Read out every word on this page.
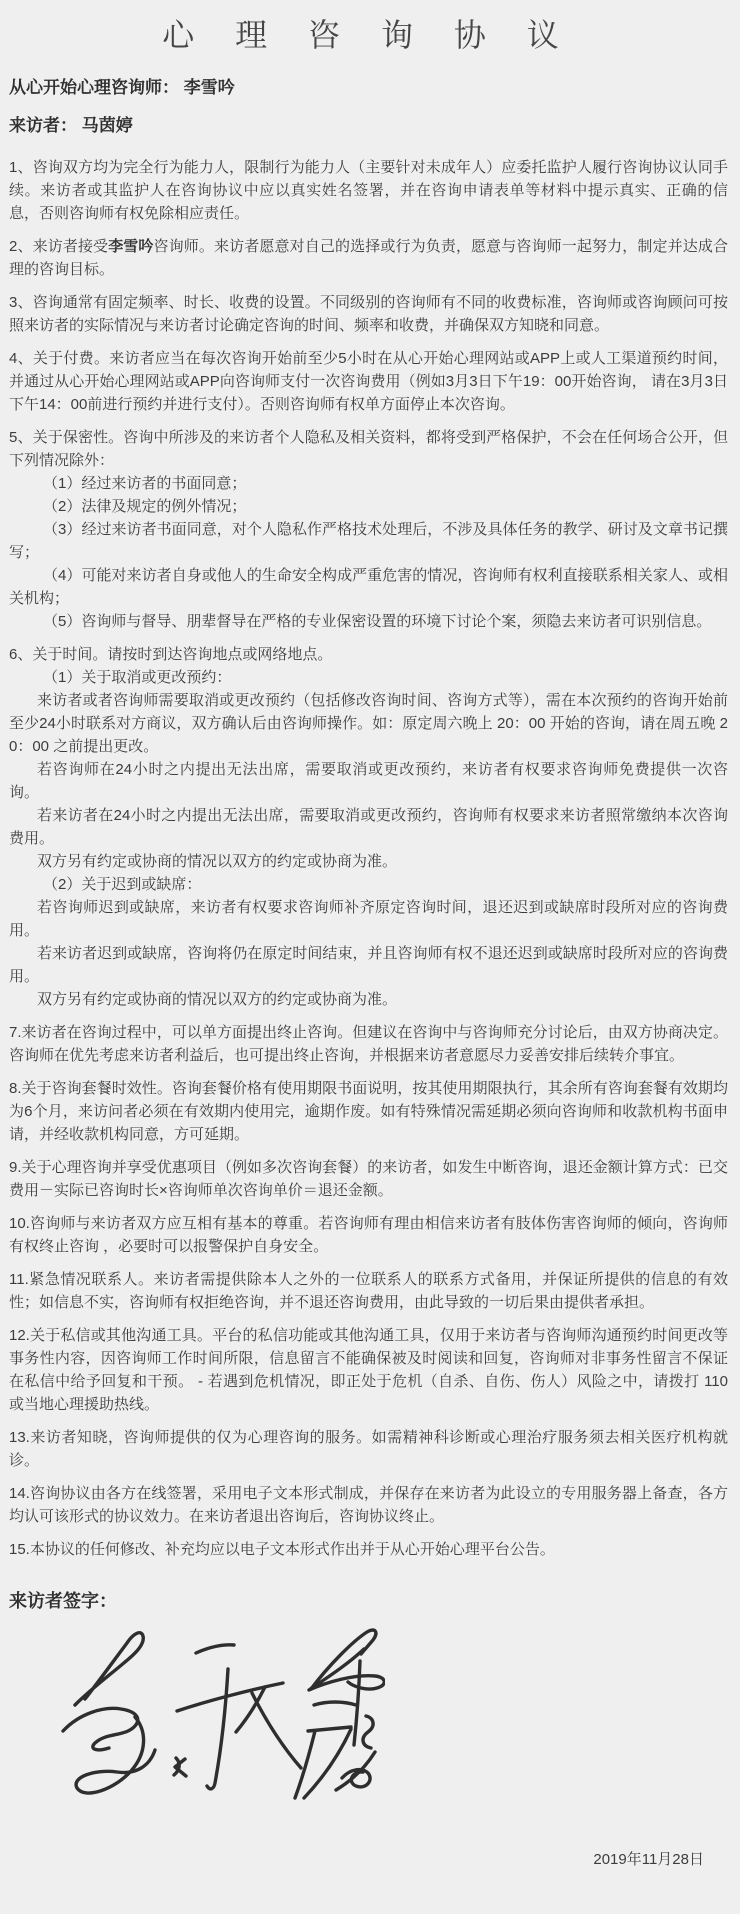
心 理 咨 询 协 议

从心开始心理咨询师： 李雪吟

来访者： 马茵婷

1、咨询双方均为完全行为能力人，限制行为能力人（主要针对未成年人）应委托监护人履行咨询协议认同手续。来访者或其监护人在咨询协议中应以真实姓名签署，并在咨询申请表单等材料中提示真实、正确的信息，否则咨询师有权免除相应责任。

2、来访者接受李雪吟咨询师。来访者愿意对自己的选择或行为负责，愿意与咨询师一起努力，制定并达成合理的咨询目标。

3、咨询通常有固定频率、时长、收费的设置。不同级别的咨询师有不同的收费标准，咨询师或咨询顾问可按照来访者的实际情况与来访者讨论确定咨询的时间、频率和收费，并确保双方知晓和同意。

4、关于付费。来访者应当在每次咨询开始前至少5小时在从心开始心理网站或APP上或人工渠道预约时间，并通过从心开始心理网站或APP向咨询师支付一次咨询费用（例如3月3日下午19：00开始咨询， 请在3月3日下午14：00前进行预约并进行支付）。否则咨询师有权单方面停止本次咨询。

5、关于保密性。咨询中所涉及的来访者个人隐私及相关资料，都将受到严格保护，不会在任何场合公开，但下列情况除外：

（1）经过来访者的书面同意；

（2）法律及规定的例外情况；

（3）经过来访者书面同意，对个人隐私作严格技术处理后，不涉及具体任务的教学、研讨及文章书记撰写；

（4）可能对来访者自身或他人的生命安全构成严重危害的情况，咨询师有权利直接联系相关家人、或相关机构；

（5）咨询师与督导、朋辈督导在严格的专业保密设置的环境下讨论个案，须隐去来访者可识别信息。

6、关于时间。请按时到达咨询地点或网络地点。

（1）关于取消或更改预约：

来访者或者咨询师需要取消或更改预约（包括修改咨询时间、咨询方式等），需在本次预约的咨询开始前至少24小时联系对方商议，双方确认后由咨询师操作。如：原定周六晚上 20：00 开始的咨询，请在周五晚 20：00 之前提出更改。

若咨询师在24小时之内提出无法出席，需要取消或更改预约，来访者有权要求咨询师免费提供一次咨询。

若来访者在24小时之内提出无法出席，需要取消或更改预约，咨询师有权要求来访者照常缴纳本次咨询费用。

双方另有约定或协商的情况以双方的约定或协商为准。

（2）关于迟到或缺席：

若咨询师迟到或缺席，来访者有权要求咨询师补齐原定咨询时间，退还迟到或缺席时段所对应的咨询费用。

若来访者迟到或缺席，咨询将仍在原定时间结束，并且咨询师有权不退还迟到或缺席时段所对应的咨询费用。

双方另有约定或协商的情况以双方的约定或协商为准。

7.来访者在咨询过程中，可以单方面提出终止咨询。但建议在咨询中与咨询师充分讨论后，由双方协商决定。咨询师在优先考虑来访者利益后，也可提出终止咨询，并根据来访者意愿尽力妥善安排后续转介事宜。

8.关于咨询套餐时效性。咨询套餐价格有使用期限书面说明，按其使用期限执行，其余所有咨询套餐有效期均为6个月，来访问者必须在有效期内使用完，逾期作废。如有特殊情况需延期必须向咨询师和收款机构书面申请，并经收款机构同意，方可延期。

9.关于心理咨询并享受优惠项目（例如多次咨询套餐）的来访者，如发生中断咨询，退还金额计算方式：已交费用－实际已咨询时长×咨询师单次咨询单价＝退还金额。

10.咨询师与来访者双方应互相有基本的尊重。若咨询师有理由相信来访者有肢体伤害咨询师的倾向，咨询师有权终止咨询 ，必要时可以报警保护自身安全。

11.紧急情况联系人。来访者需提供除本人之外的一位联系人的联系方式备用，并保证所提供的信息的有效性；如信息不实，咨询师有权拒绝咨询，并不退还咨询费用，由此导致的一切后果由提供者承担。

12.关于私信或其他沟通工具。平台的私信功能或其他沟通工具，仅用于来访者与咨询师沟通预约时间更改等事务性内容，因咨询师工作时间所限，信息留言不能确保被及时阅读和回复，咨询师对非事务性留言不保证在私信中给予回复和干预。 - 若遇到危机情况，即正处于危机（自杀、自伤、伤人）风险之中，请拨打 110 或当地心理援助热线。

13.来访者知晓，咨询师提供的仅为心理咨询的服务。如需精神科诊断或心理治疗服务须去相关医疗机构就诊。

14.咨询协议由各方在线签署，采用电子文本形式制成，并保存在来访者为此设立的专用服务器上备查，各方均认可该形式的协议效力。在来访者退出咨询后，咨询协议终止。

15.本协议的任何修改、补充均应以电子文本形式作出并于从心开始心理平台公告。

来访者签字：

2019年11月28日
